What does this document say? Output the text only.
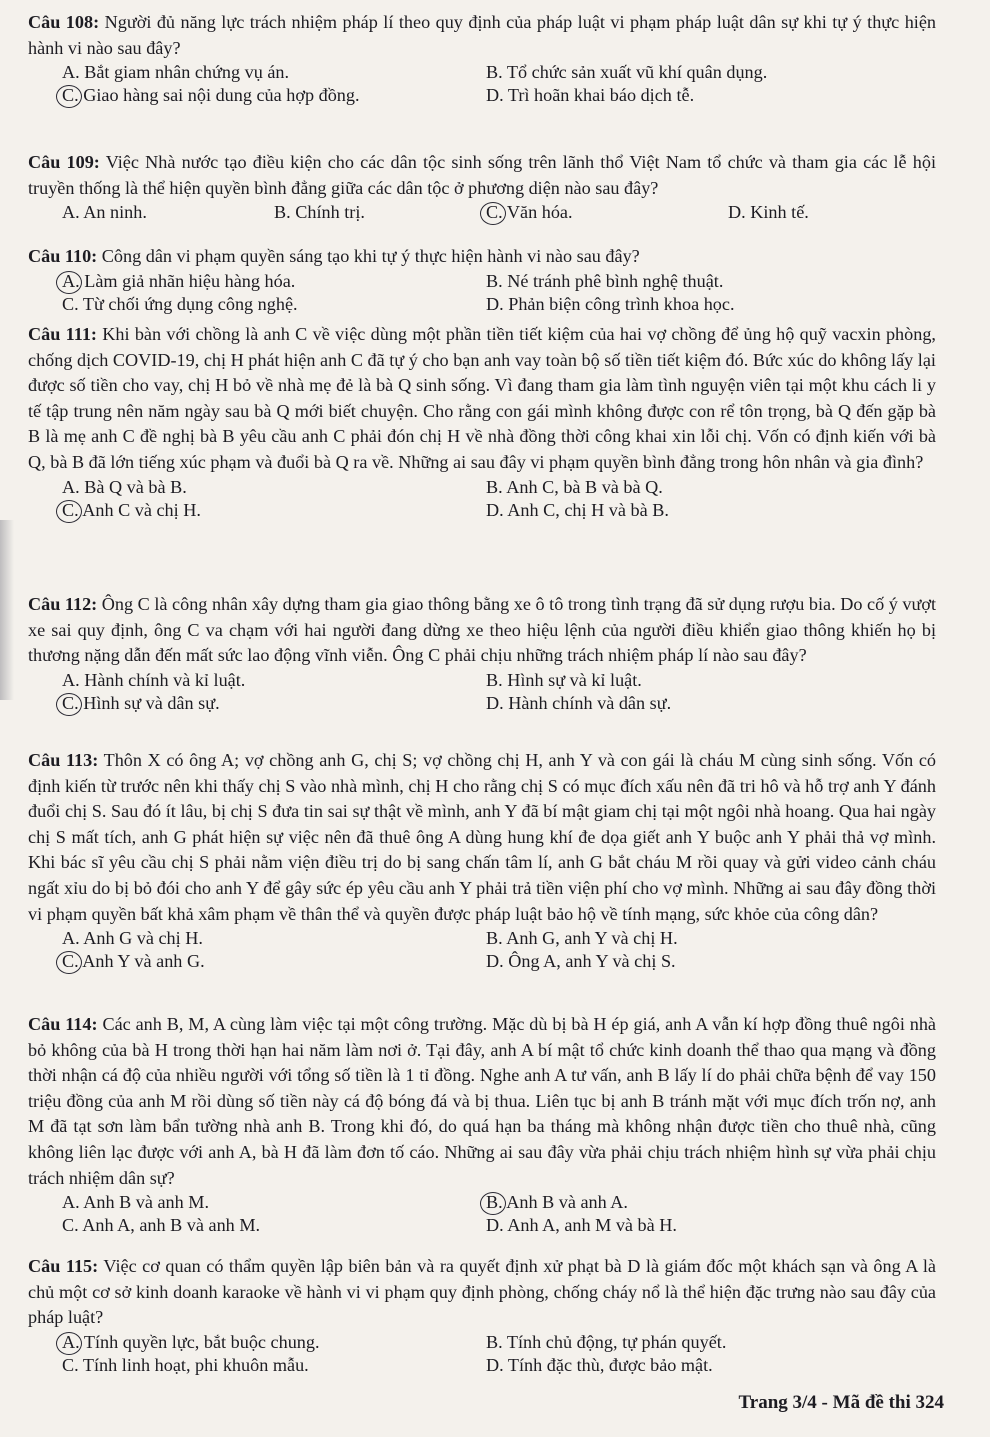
Câu 108: Người đủ năng lực trách nhiệm pháp lí theo quy định của pháp luật vi phạm pháp luật dân sự khi tự ý thực hiện hành vi nào sau đây?

A. Bắt giam nhân chứng vụ án.	B. Tổ chức sản xuất vũ khí quân dụng.
C. Giao hàng sai nội dung của hợp đồng.	D. Trì hoãn khai báo dịch tễ.

Câu 109: Việc Nhà nước tạo điều kiện cho các dân tộc sinh sống trên lãnh thổ Việt Nam tổ chức và tham gia các lễ hội truyền thống là thể hiện quyền bình đẳng giữa các dân tộc ở phương diện nào sau đây?

A. An ninh.	B. Chính trị.	C. Văn hóa.	D. Kinh tế.

Câu 110: Công dân vi phạm quyền sáng tạo khi tự ý thực hiện hành vi nào sau đây?

A. Làm giả nhãn hiệu hàng hóa.	B. Né tránh phê bình nghệ thuật.
C. Từ chối ứng dụng công nghệ.	D. Phản biện công trình khoa học.

Câu 111: Khi bàn với chồng là anh C về việc dùng một phần tiền tiết kiệm của hai vợ chồng để ủng hộ quỹ vacxin phòng, chống dịch COVID-19, chị H phát hiện anh C đã tự ý cho bạn anh vay toàn bộ số tiền tiết kiệm đó. Bức xúc do không lấy lại được số tiền cho vay, chị H bỏ về nhà mẹ đẻ là bà Q sinh sống. Vì đang tham gia làm tình nguyện viên tại một khu cách li y tế tập trung nên năm ngày sau bà Q mới biết chuyện. Cho rằng con gái mình không được con rể tôn trọng, bà Q đến gặp bà B là mẹ anh C đề nghị bà B yêu cầu anh C phải đón chị H về nhà đồng thời công khai xin lỗi chị. Vốn có định kiến với bà Q, bà B đã lớn tiếng xúc phạm và đuổi bà Q ra về. Những ai sau đây vi phạm quyền bình đẳng trong hôn nhân và gia đình?

A. Bà Q và bà B.	B. Anh C, bà B và bà Q.
C. Anh C và chị H.	D. Anh C, chị H và bà B.

Câu 112: Ông C là công nhân xây dựng tham gia giao thông bằng xe ô tô trong tình trạng đã sử dụng rượu bia. Do cố ý vượt xe sai quy định, ông C va chạm với hai người đang dừng xe theo hiệu lệnh của người điều khiển giao thông khiến họ bị thương nặng dẫn đến mất sức lao động vĩnh viễn. Ông C phải chịu những trách nhiệm pháp lí nào sau đây?

A. Hành chính và kỉ luật.	B. Hình sự và kỉ luật.
C. Hình sự và dân sự.	D. Hành chính và dân sự.

Câu 113: Thôn X có ông A; vợ chồng anh G, chị S; vợ chồng chị H, anh Y và con gái là cháu M cùng sinh sống. Vốn có định kiến từ trước nên khi thấy chị S vào nhà mình, chị H cho rằng chị S có mục đích xấu nên đã tri hô và hỗ trợ anh Y đánh đuổi chị S. Sau đó ít lâu, bị chị S đưa tin sai sự thật về mình, anh Y đã bí mật giam chị tại một ngôi nhà hoang. Qua hai ngày chị S mất tích, anh G phát hiện sự việc nên đã thuê ông A dùng hung khí đe dọa giết anh Y buộc anh Y phải thả vợ mình. Khi bác sĩ yêu cầu chị S phải nằm viện điều trị do bị sang chấn tâm lí, anh G bắt cháu M rồi quay và gửi video cảnh cháu ngất xỉu do bị bỏ đói cho anh Y để gây sức ép yêu cầu anh Y phải trả tiền viện phí cho vợ mình. Những ai sau đây đồng thời vi phạm quyền bất khả xâm phạm về thân thể và quyền được pháp luật bảo hộ về tính mạng, sức khỏe của công dân?

A. Anh G và chị H.	B. Anh G, anh Y và chị H.
C. Anh Y và anh G.	D. Ông A, anh Y và chị S.

Câu 114: Các anh B, M, A cùng làm việc tại một công trường. Mặc dù bị bà H ép giá, anh A vẫn kí hợp đồng thuê ngôi nhà bỏ không của bà H trong thời hạn hai năm làm nơi ở. Tại đây, anh A bí mật tổ chức kinh doanh thể thao qua mạng và đồng thời nhận cá độ của nhiều người với tổng số tiền là 1 tỉ đồng. Nghe anh A tư vấn, anh B lấy lí do phải chữa bệnh để vay 150 triệu đồng của anh M rồi dùng số tiền này cá độ bóng đá và bị thua. Liên tục bị anh B tránh mặt với mục đích trốn nợ, anh M đã tạt sơn làm bẩn tường nhà anh B. Trong khi đó, do quá hạn ba tháng mà không nhận được tiền cho thuê nhà, cũng không liên lạc được với anh A, bà H đã làm đơn tố cáo. Những ai sau đây vừa phải chịu trách nhiệm hình sự vừa phải chịu trách nhiệm dân sự?

A. Anh B và anh M.	B. Anh B và anh A.
C. Anh A, anh B và anh M.	D. Anh A, anh M và bà H.

Câu 115: Việc cơ quan có thẩm quyền lập biên bản và ra quyết định xử phạt bà D là giám đốc một khách sạn và ông A là chủ một cơ sở kinh doanh karaoke về hành vi vi phạm quy định phòng, chống cháy nổ là thể hiện đặc trưng nào sau đây của pháp luật?

A. Tính quyền lực, bắt buộc chung.	B. Tính chủ động, tự phán quyết.
C. Tính linh hoạt, phi khuôn mẫu.	D. Tính đặc thù, được bảo mật.
Trang 3/4 - Mã đề thi 324
